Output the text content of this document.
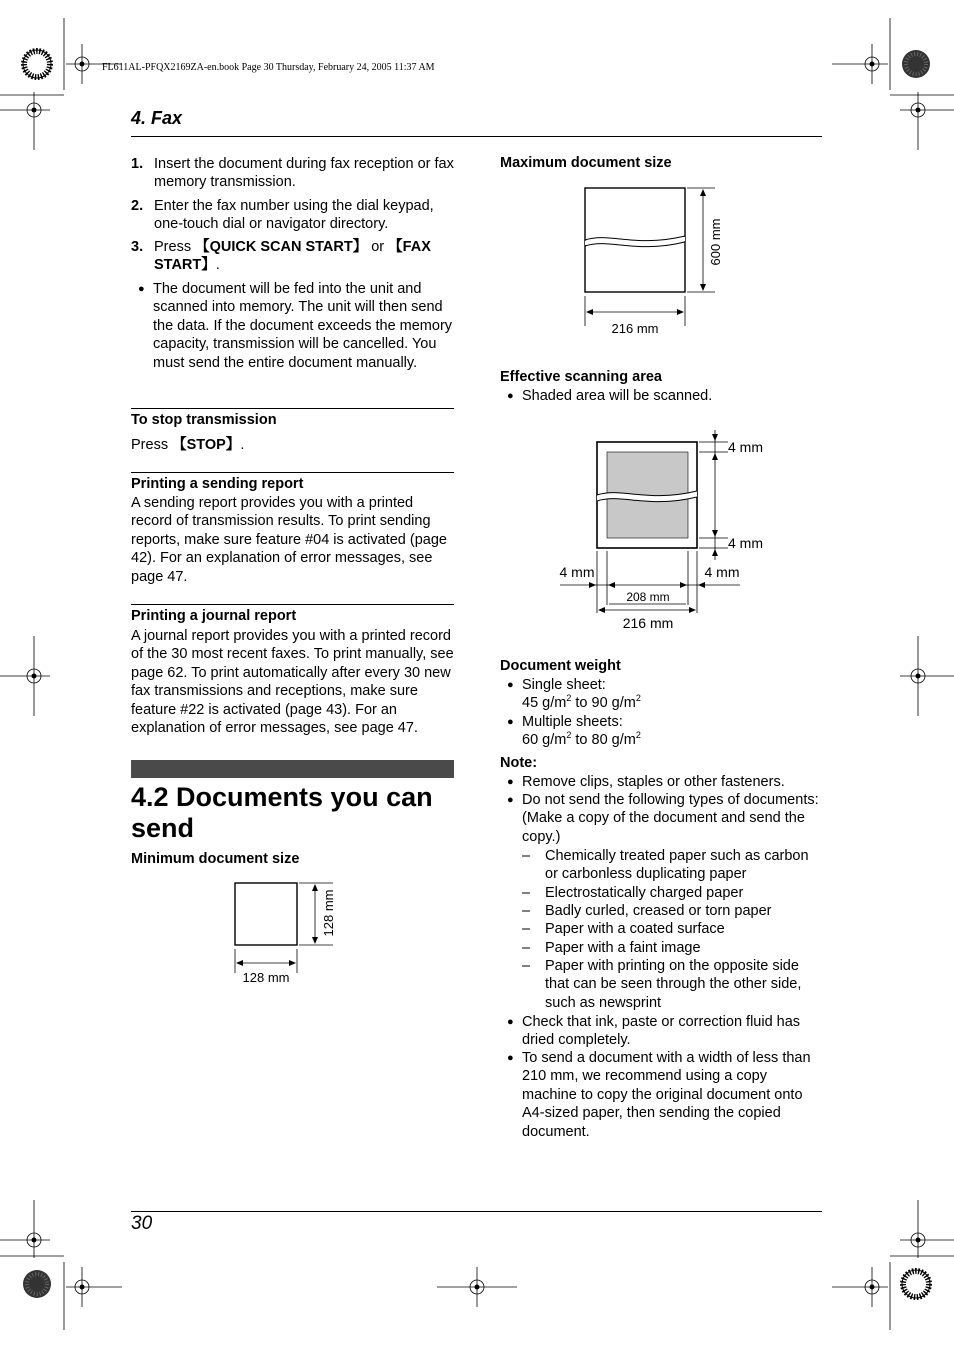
FL611AL-PFQX2169ZA-en.book Page 30 Thursday, February 24, 2005 11:37 AM
4. Fax
1. Insert the document during fax reception or fax memory transmission.
2. Enter the fax number using the dial keypad, one-touch dial or navigator directory.
3. Press 【QUICK SCAN START】 or 【FAX START】.
● The document will be fed into the unit and scanned into memory. The unit will then send the data. If the document exceeds the memory capacity, transmission will be cancelled. You must send the entire document manually.
To stop transmission
Press 【STOP】.
Printing a sending report
A sending report provides you with a printed record of transmission results. To print sending reports, make sure feature #04 is activated (page 42). For an explanation of error messages, see page 47.
Printing a journal report
A journal report provides you with a printed record of the 30 most recent faxes. To print manually, see page 62. To print automatically after every 30 new fax transmissions and receptions, make sure feature #22 is activated (page 43). For an explanation of error messages, see page 47.
4.2 Documents you can send
Minimum document size
128 mm
128 mm
Maximum document size
600 mm
216 mm
Effective scanning area
● Shaded area will be scanned.
4 mm
4 mm
4 mm	4 mm
208 mm
216 mm
Document weight
● Single sheet:
45 $g/m^2$ to 90 $g/m^2$
● Multiple sheets:
60 $g/m^2$ to 80 $g/m^2$
Note:
● Remove clips, staples or other fasteners.
● Do not send the following types of documents: (Make a copy of the document and send the copy.)
– Chemically treated paper such as carbon or carbonless duplicating paper
– Electrostatically charged paper
– Badly curled, creased or torn paper
– Paper with a coated surface
– Paper with a faint image
– Paper with printing on the opposite side that can be seen through the other side, such as newsprint
● Check that ink, paste or correction fluid has dried completely.
● To send a document with a width of less than 210 mm, we recommend using a copy machine to copy the original document onto A4-sized paper, then sending the copied document.
30
